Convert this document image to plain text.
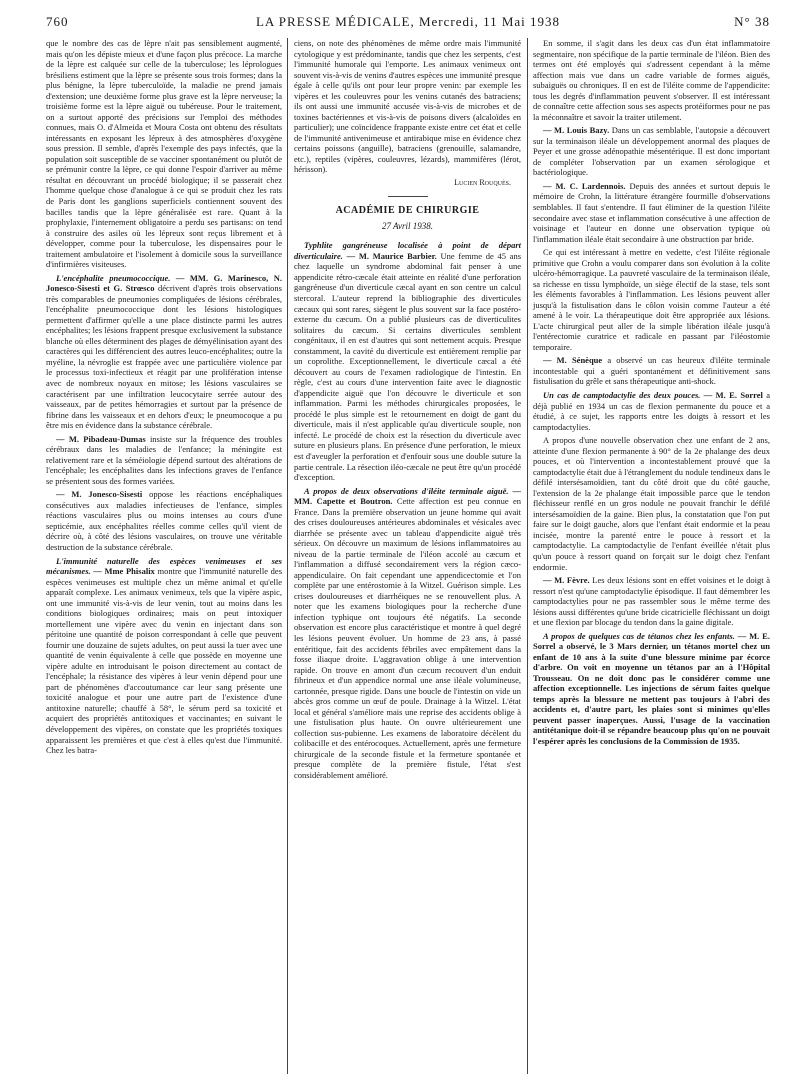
760	LA PRESSE MÉDICALE, Mercredi, 11 Mai 1938	N° 38

que le nombre des cas de lèpre n'ait pas sensiblement augmenté, mais qu'on les dépiste mieux et d'une façon plus précoce. La marche de la lèpre est calquée sur celle de la tuberculose; les léprologues brésiliens estiment que la lèpre se présente sous trois formes; dans la plus bénigne, la lèpre tuberculoïde, la maladie ne prend jamais d'extension; une deuxième forme plus grave est la lèpre nerveuse; la troisième forme est la lèpre aiguë ou tubéreuse. Pour le traitement, on a surtout apporté des précisions sur l'emploi des méthodes connues, mais O. d'Almeida et Moura Costa ont obtenu des résultats intéressants en exposant les lépreux à des atmosphères d'oxygène sous pression. Il semble, d'après l'exemple des pays infectés, que la population soit susceptible de se vacciner spontanément ou plutôt de se prémunir contre la lèpre, ce qui donne l'espoir d'arriver au même résultat en découvrant un procédé biologique; il se passerait chez l'homme quelque chose d'analogue à ce qui se produit chez les rats de Paris dont les ganglions superficiels contiennent souvent des bacilles tandis que la lèpre généralisée est rare. Quant à la prophylaxie, l'internement obligatoire a perdu ses partisans: on tend à construire des asiles où les lépreux sont reçus librement et à développer, comme pour la tuberculose, les dispensaires pour le traitement ambulatoire et l'isolement à domicile sous la surveillance d'infirmières visiteuses.

L'encéphalite pneumococcique. — MM. G. Marinesco, N. Jonesco-Sisesti et G. Strœsco décrivent d'après trois observations très comparables de pneumonies compliquées de lésions cérébrales, l'encéphalite pneumococcique dont les lésions histologiques permettent d'affirmer qu'elle a une place distincte parmi les autres encéphalites; les lésions frappent presque exclusivement la substance blanche où elles déterminent des plages de démyélinisation ayant des caractères qui les différencient des autres leuco-encéphalites; outre la myéline, la névroglie est frappée avec une particulière violence par le processus toxi-infectieux et réagit par une prolifération intense avec de nombreux noyaux en mitose; les lésions vasculaires se caractérisent par une infiltration leucocytaire serrée autour des vaisseaux, par de petites hémorragies et surtout par la présence de fibrine dans les vaisseaux et en dehors d'eux; le pneumocoque a pu être mis en évidence dans la substance cérébrale.

— M. Pibadeau-Dumas insiste sur la fréquence des troubles cérébraux dans les maladies de l'enfance; la méningite est relativement rare et la séméiologie dépend surtout des altérations de l'encéphale; les encéphalites dans les infections graves de l'enfance se présentent sous des formes variées.

— M. Jonesco-Sisesti oppose les réactions encéphaliques consécutives aux maladies infectieuses de l'enfance, simples réactions vasculaires plus ou moins intenses au cours d'une septicémie, aux encéphalites réelles comme celles qu'il vient de décrire où, à côté des lésions vasculaires, on trouve une véritable destruction de la substance cérébrale.

L'immunité naturelle des espèces venimeuses et ses mécanismes. — Mme Phisalix montre que l'immunité naturelle des espèces venimeuses est multiple chez un même animal et qu'elle apparaît complexe. Les animaux venimeux, tels que la vipère aspic, ont une immunité vis-à-vis de leur venin, tout au moins dans les conditions biologiques ordinaires; mais on peut intoxiquer mortellement une vipère avec du venin en injectant dans son péritoine une quantité de poison correspondant à celle que peuvent fournir une douzaine de sujets adultes, on peut aussi la tuer avec une quantité de venin équivalente à celle que possède en moyenne une vipère adulte en introduisant le poison directement au contact de l'encéphale; la résistance des vipères à leur venin dépend pour une part de phénomènes d'accoutumance car leur sang présente une toxicité analogue et pour une autre part de l'existence d'une antitoxine naturelle; chauffé à 58°, le sérum perd sa toxicité et acquiert des propriétés antitoxiques et vaccinantes; en suivant le développement des vipères, on constate que les propriétés toxiques apparaissent les premières et que c'est à elles qu'est due l'immunité. Chez les batra-

ciens, on note des phénomènes de même ordre mais l'immunité cytologique y est prédominante, tandis que chez les serpents, c'est l'immunité humorale qui l'emporte. Les animaux venimeux ont souvent vis-à-vis de venins d'autres espèces une immunité presque égale à celle qu'ils ont pour leur propre venin: par exemple les vipères et les couleuvres pour les venins cutanés des batraciens; ils ont aussi une immunité accusée vis-à-vis de microbes et de toxines bactériennes et vis-à-vis de poisons divers (alcaloïdes en particulier); une coïncidence frappante existe entre cet état et celle de l'immunité antivenimeuse et antirabique mise en évidence chez certains poissons (anguille), batraciens (grenouille, salamandre, etc.), reptiles (vipères, couleuvres, lézards), mammifères (lérot, hérisson).

Lucien Rouquès.
ACADÉMIE DE CHIRURGIE
27 Avril 1938.

Typhlite gangréneuse localisée à point de départ diverticulaire. — M. Maurice Barbier. Une femme de 45 ans chez laquelle un syndrome abdominal fait penser à une appendicite rétro-cæcale était atteinte en réalité d'une perforation gangréneuse d'un diverticule cæcal ayant en son centre un calcul stercoral. L'auteur reprend la bibliographie des diverticules cæcaux qui sont rares, siègent le plus souvent sur la face postéro-externe du cæcum. On a publié plusieurs cas de diverticulites solitaires du cæcum. Si certains diverticules semblent congénitaux, il en est d'autres qui sont nettement acquis. Presque constamment, la cavité du diverticule est entièrement remplie par un coprolithe. Exceptionnellement, le diverticule cæcal a été découvert au cours de l'examen radiologique de l'intestin. En règle, c'est au cours d'une intervention faite avec le diagnostic d'appendicite aiguë que l'on découvre le diverticule et son inflammation. Parmi les méthodes chirurgicales proposées, le procédé le plus simple est le retournement en doigt de gant du diverticule, mais il n'est applicable qu'au diverticule souple, non infecté. Le procédé de choix est la résection du diverticule avec suture en plusieurs plans. En présence d'une perforation, le mieux est d'aveugler la perforation et d'enfouir sous une double suture la partie centrale. La résection iléo-cæcale ne peut être qu'un procédé d'exception.

A propos de deux observations d'iléite terminale aiguë. — MM. Capette et Boutron. Cette affection est peu connue en France. Dans la première observation un jeune homme qui avait des crises douloureuses antérieures abdominales et vésicales avec diarrhée se présente avec un tableau d'appendicite aiguë très sérieux. On découvre un maximum de lésions inflammatoires au niveau de la partie terminale de l'iléon accolé au cæcum et l'inflammation a diffusé secondairement vers la région cæco-appendiculaire. On fait cependant une appendicectomie et l'on complète par une entérostomie à la Witzel. Guérison simple. Les crises douloureuses et diarrhéiques ne se renouvellent plus. A noter que les examens biologiques pour la recherche d'une infection typhique ont toujours été négatifs. La seconde observation est encore plus caractéristique et montre à quel degré les lésions peuvent évoluer. Un homme de 23 ans, à passé entéritique, fait des accidents fébriles avec empâtement dans la fosse iliaque droite. L'aggravation oblige à une intervention rapide. On trouve en amont d'un cæcum recouvert d'un enduit fibrineux et d'un appendice normal une anse iléale volumineuse, cartonnée, presque rigide. Dans une boucle de l'intestin on vide un abcès gros comme un œuf de poule. Drainage à la Witzel. L'état local et général s'améliore mais une reprise des accidents oblige à une fistulisation plus haute. On ouvre ultérieurement une collection sus-pubienne. Les examens de laboratoire décèlent du colibacille et des entérocoques. Actuellement, après une fermeture chirurgicale de la seconde fistule et la fermeture spontanée et presque complète de la première fistule, l'état s'est considérablement amélioré.

En somme, il s'agit dans les deux cas d'un état inflammatoire segmentaire, non spécifique de la partie terminale de l'iléon. Bien des termes ont été employés qui s'adressent cependant à la même affection mais vue dans un cadre variable de formes aiguës, subaiguës ou chroniques. Il en est de l'iléite comme de l'appendicite: tous les degrés d'inflammation peuvent s'observer. Il est intéressant de connaître cette affection sous ses aspects protéiformes pour ne pas la méconnaître et savoir la traiter utilement.

— M. Louis Bazy. Dans un cas semblable, l'autopsie a découvert sur la terminaison iléale un développement anormal des plaques de Peyer et une grosse adénopathie mésentérique. Il est donc important de compléter l'observation par un examen sérologique et bactériologique.

— M. C. Lardennois. Depuis des années et surtout depuis le mémoire de Crohn, la littérature étrangère fourmille d'observations semblables. Il faut s'entendre. Il faut éliminer de la question l'iléite secondaire avec stase et inflammation consécutive à une affection de voisinage et l'auteur en donne une observation typique où l'inflammation iléale était secondaire à une obstruction par bride.

Ce qui est intéressant à mettre en vedette, c'est l'iléite régionale primitive que Crohn a voulu comparer dans son évolution à la colite ulcéro-hémorragique. La pauvreté vasculaire de la terminaison iléale, sa richesse en tissu lymphoïde, un siège électif de la stase, tels sont les éléments favorables à l'inflammation. Les lésions peuvent aller jusqu'à la fistulisation dans le côlon voisin comme l'auteur a été amené à le voir. La thérapeutique doit être appropriée aux lésions. L'acte chirurgical peut aller de la simple libération iléale jusqu'à l'entérectomie curatrice et radicale en passant par l'iléostomie temporaire.

— M. Sénèque a observé un cas heureux d'iléite terminale incontestable qui a guéri spontanément et définitivement sans fistulisation du grêle et sans thérapeutique anti-shock.

Un cas de camptodactylie des deux pouces. — M. E. Sorrel a déjà publié en 1934 un cas de flexion permanente du pouce et a étudié, à ce sujet, les rapports entre les doigts à ressort et les camptodactylies.

A propos d'une nouvelle observation chez une enfant de 2 ans, atteinte d'une flexion permanente à 90° de la 2e phalange des deux pouces, et où l'intervention a incontestablement prouvé que la camptodactylie était due à l'étranglement du nodule tendineux dans le défilé intersésamoïdien, tant du côté droit que du côté gauche, l'extension de la 2e phalange était impossible parce que le tendon fléchisseur renflé en un gros nodule ne pouvait franchir le défilé intersésamoïdien de la gaine. Bien plus, la constatation que l'on put faire sur le doigt gauche, alors que l'enfant était endormie et la peau incisée, montre la parenté entre le pouce à ressort et la camptodactylie. La camptodactylie de l'enfant éveillée n'était plus qu'un pouce à ressort quand on forçait sur le doigt chez l'enfant endormie.

— M. Fèvre. Les deux lésions sont en effet voisines et le doigt à ressort n'est qu'une camptodactylie épisodique. Il faut démembrer les camptodactylies pour ne pas rassembler sous le même terme des lésions aussi différentes qu'une bride cicatricielle fléchissant un doigt et une flexion par blocage du tendon dans la gaine digitale.

A propos de quelques cas de tétanos chez les enfants. — M. E. Sorrel a observé, le 3 Mars dernier, un tétanos mortel chez un enfant de 10 ans à la suite d'une blessure minime par écorce d'arbre. On voit en moyenne un tétanos par an à l'Hôpital Trousseau. On ne doit donc pas le considérer comme une affection exceptionnelle. Les injections de sérum faites quelque temps après la blessure ne mettent pas toujours à l'abri des accidents et, d'autre part, les plaies sont si minimes qu'elles peuvent passer inaperçues. Aussi, l'usage de la vaccination antitétanique doit-il se répandre beaucoup plus qu'on ne pouvait l'espérer après les conclusions de la Commission de 1935.
